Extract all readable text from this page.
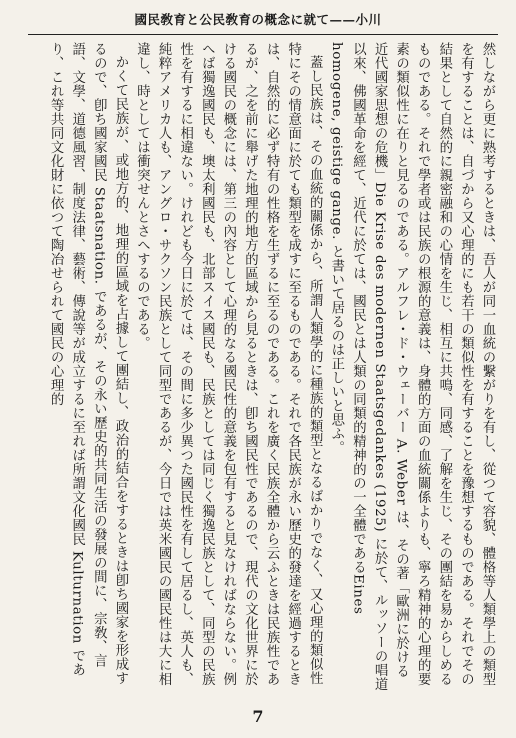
國民敎育と公民敎育の概念に就て——小川

然しながら更に熟考するときは、吾人が同一血統の繫がりを有し、從つて容貌、體格等人類學上の類型を有することは、自づから又心理的にも若干の類似性を有することを豫想するものである。それでその結果として自然的に親密融和の心情を生じ、相互に共鳴、同感、了解を生じ、その團結を易からしめるものである。それで學者或は民族の根源的意義は、身體的方面の血統關係よりも、寧ろ精神的心理的要素の類似性に在りと見るのである。アルフレ・ド・ウェーバー A. Weber は、その著「歐洲に於ける近代國家思想の危機」Die Krise des modernen Staatsgedankes (1925) に於て、ルッソーの唱道以來、佛國革命を經て、近代に於ては、國民とは人類の同類的精神的の一全體であるEines homogene, geistige gange. と書いて居るのは正しいと思ふ。

蓋し民族は、その血統的關係から、所謂人類學的に種族的類型となるばかりでなく、又心理的類似性特にその情意面に於ても類型を成すに至るものである。それで各民族が永い歷史的發達を經過するときは、自然的に必ず特有の性格を生ずるに至るのである。これを廣く民族全體から云ふときは民族性であるが、之を前に舉げた地理的地方的區域から見るときは、卽ち國民性であるので、現代の文化世界に於ける國民の概念には、第三の內容として心理的なる國民性的意義を包有すると見なければならない。例へば獨逸國民も、墺太利國民も、北部スイス國民も、民族としては同じく獨逸民族として、同型の民族性を有するに相違ない。けれども今日に於ては、その間に多少異つた國民性を有して居るし、英人も、純粹アメリカ人も、アングロ・サクソン民族として同型であるが、今日では英米國民の國民性は大に相違し、時としては衝突せんとさへするのである。

かくて民族が、或地方的、地理的區域を占據して團結し、政治的結合をするときは卽ち國家を形成するので、卽ち國家國民 Staatsnation. であるが、その永い歷史的共同生活の發展の間に、宗敎、言語、文學、道德風習、制度法律、藝術、傳說等が成立するに至れば所謂文化國民 Kulturnation であり、これ等共同文化財に依つて陶冶せられて國民の心理的

7
